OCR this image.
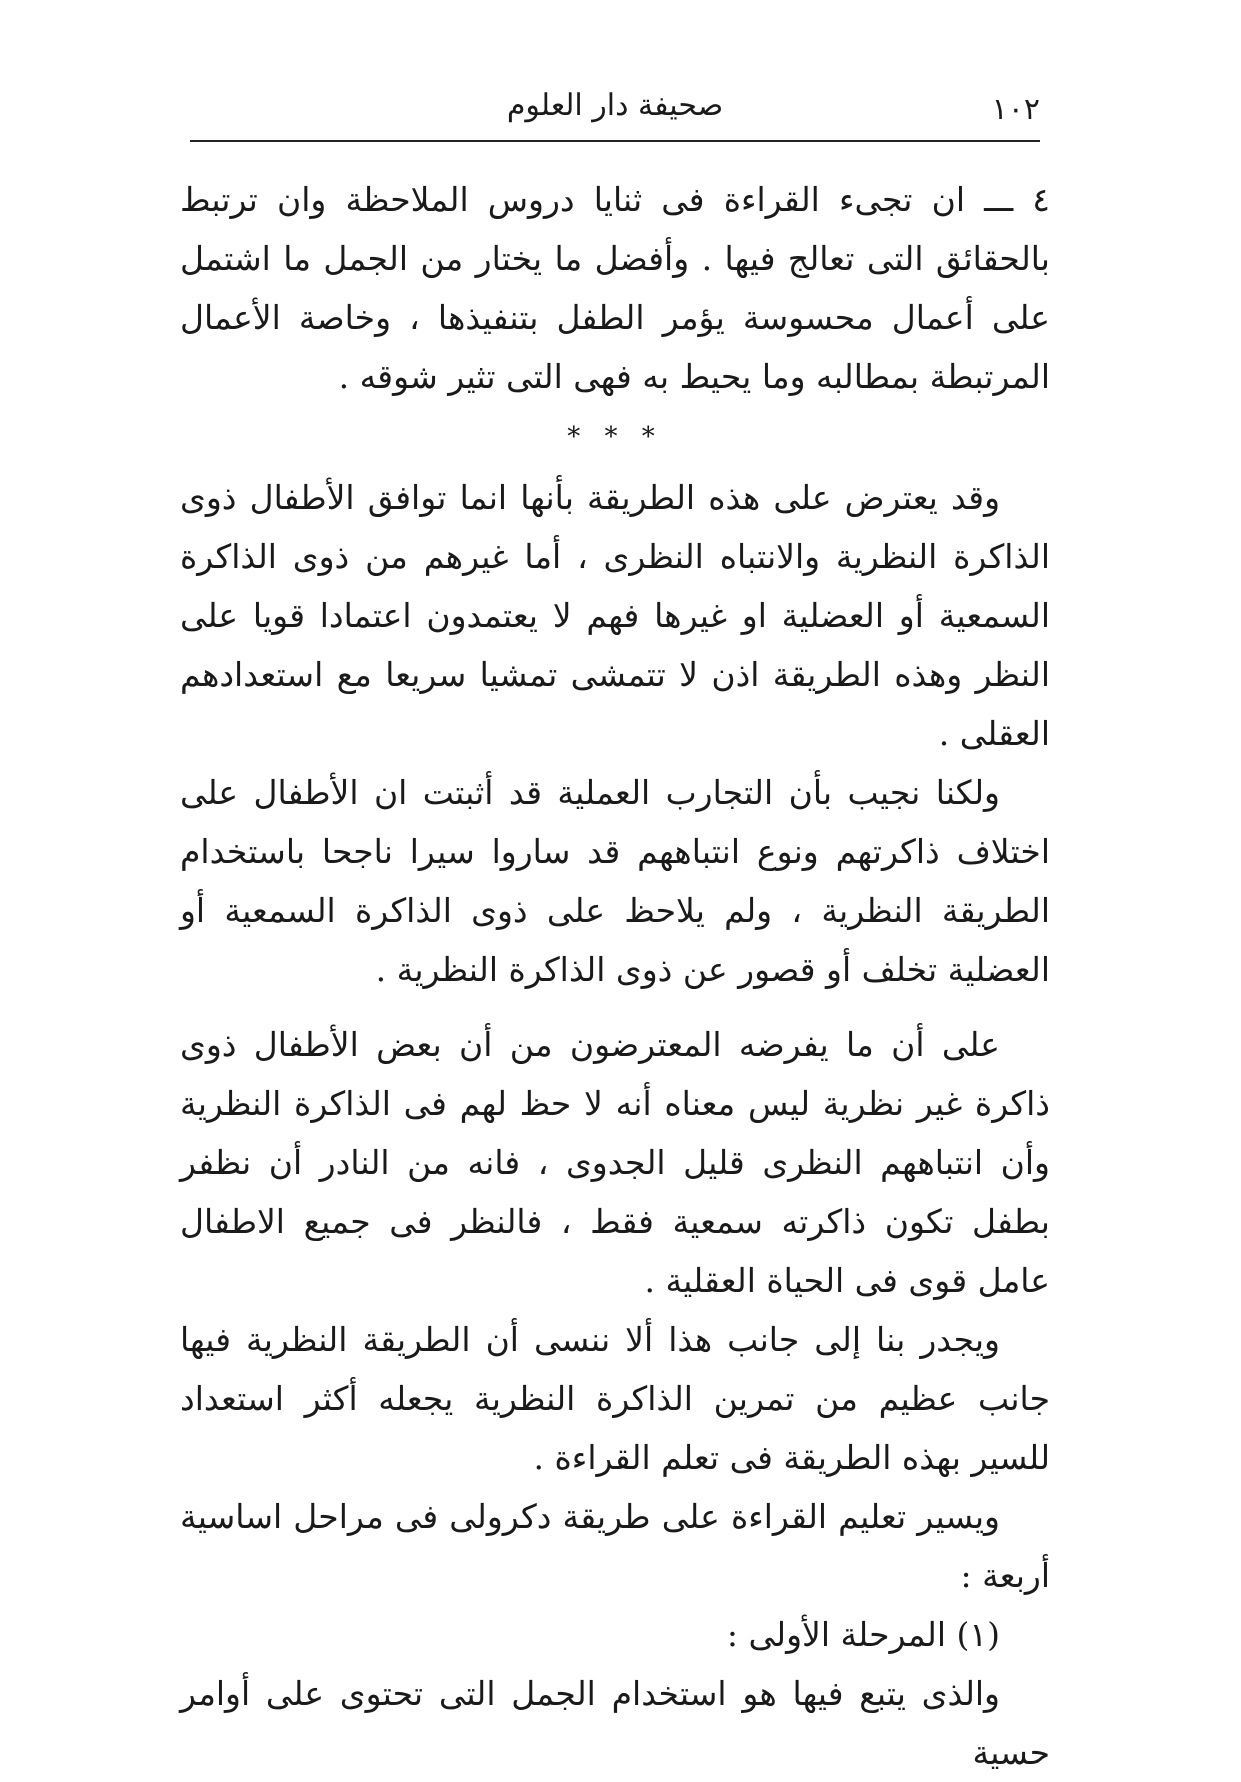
١٠٢
صحيفة دار العلوم

٤ ـــ ان تجىء القراءة فى ثنايا دروس الملاحظة وان ترتبط بالحقائق التى تعالج فيها . وأفضل ما يختار من الجمل ما اشتمل على أعمال محسوسة يؤمر الطفل بتنفيذها ، وخاصة الأعمال المرتبطة بمطالبه وما يحيط به فهى التى تثير شوقه .

* * *

وقد يعترض على هذه الطريقة بأنها انما توافق الأطفال ذوى الذاكرة النظرية والانتباه النظرى ، أما غيرهم من ذوى الذاكرة السمعية أو العضلية او غيرها فهم لا يعتمدون اعتمادا قويا على النظر وهذه الطريقة اذن لا تتمشى تمشيا سريعا مع استعدادهم العقلى .

ولكنا نجيب بأن التجارب العملية قد أثبتت ان الأطفال على اختلاف ذاكرتهم ونوع انتباههم قد ساروا سيرا ناجحا باستخدام الطريقة النظرية ، ولم يلاحظ على ذوى الذاكرة السمعية أو العضلية تخلف أو قصور عن ذوى الذاكرة النظرية .

على أن ما يفرضه المعترضون من أن بعض الأطفال ذوى ذاكرة غير نظرية ليس معناه أنه لا حظ لهم فى الذاكرة النظرية وأن انتباههم النظرى قليل الجدوى ، فانه من النادر أن نظفر بطفل تكون ذاكرته سمعية فقط ، فالنظر فى جميع الاطفال عامل قوى فى الحياة العقلية .

ويجدر بنا إلى جانب هذا ألا ننسى أن الطريقة النظرية فيها جانب عظيم من تمرين الذاكرة النظرية يجعله أكثر استعداد للسير بهذه الطريقة فى تعلم القراءة .

ويسير تعليم القراءة على طريقة دكرولى فى مراحل اساسية أربعة :

(١) المرحلة الأولى :

والذى يتبع فيها هو استخدام الجمل التى تحتوى على أوامر حسية
